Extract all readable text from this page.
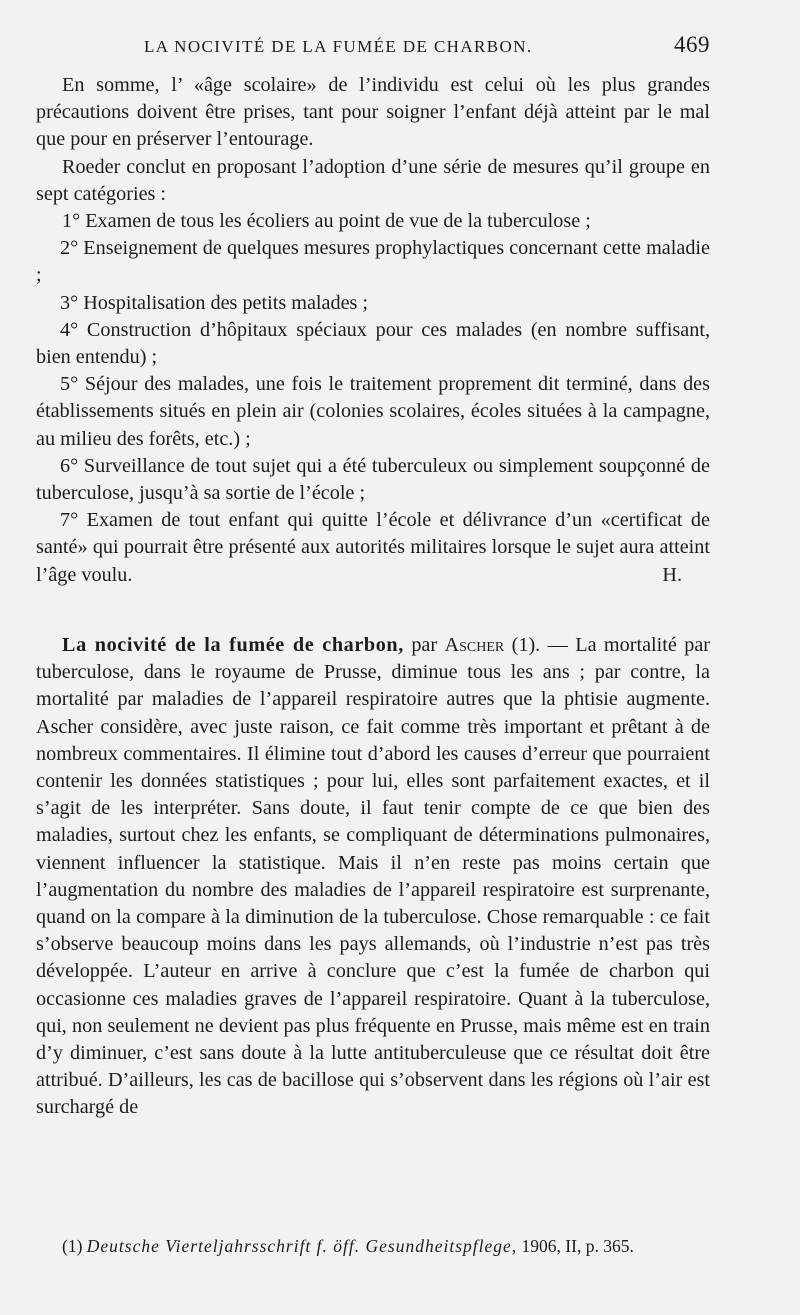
LA NOCIVITÉ DE LA FUMÉE DE CHARBON.	469

En somme, l’ «âge scolaire» de l’individu est celui où les plus grandes précautions doivent être prises, tant pour soigner l’enfant déjà atteint par le mal que pour en préserver l’entourage.

Roeder conclut en proposant l’adoption d’une série de mesures qu’il groupe en sept catégories :

1° Examen de tous les écoliers au point de vue de la tuberculose ;

2° Enseignement de quelques mesures prophylactiques concernant cette maladie ;

3° Hospitalisation des petits malades ;

4° Construction d’hôpitaux spéciaux pour ces malades (en nombre suffisant, bien entendu) ;

5° Séjour des malades, une fois le traitement proprement dit terminé, dans des établissements situés en plein air (colonies scolaires, écoles situées à la campagne, au milieu des forêts, etc.) ;

6° Surveillance de tout sujet qui a été tuberculeux ou simplement soupçonné de tuberculose, jusqu’à sa sortie de l’école ;

7° Examen de tout enfant qui quitte l’école et délivrance d’un «certificat de santé» qui pourrait être présenté aux autorités militaires lorsque le sujet aura atteint l’âge voulu.	H.

La nocivité de la fumée de charbon, par Ascher (1). — La mortalité par tuberculose, dans le royaume de Prusse, diminue tous les ans ; par contre, la mortalité par maladies de l’appareil respiratoire autres que la phtisie augmente. Ascher considère, avec juste raison, ce fait comme très important et prêtant à de nombreux commentaires. Il élimine tout d’abord les causes d’erreur que pourraient contenir les données statistiques ; pour lui, elles sont parfaitement exactes, et il s’agit de les interpréter. Sans doute, il faut tenir compte de ce que bien des maladies, surtout chez les enfants, se compliquant de déterminations pulmonaires, viennent influencer la statistique. Mais il n’en reste pas moins certain que l’augmentation du nombre des maladies de l’appareil respiratoire est surprenante, quand on la compare à la diminution de la tuberculose. Chose remarquable : ce fait s’observe beaucoup moins dans les pays allemands, où l’industrie n’est pas très développée. L’auteur en arrive à conclure que c’est la fumée de charbon qui occasionne ces maladies graves de l’appareil respiratoire. Quant à la tuberculose, qui, non seulement ne devient pas plus fréquente en Prusse, mais même est en train d’y diminuer, c’est sans doute à la lutte antituberculeuse que ce résultat doit être attribué. D’ailleurs, les cas de bacillose qui s’observent dans les régions où l’air est surchargé de

(1) Deutsche Vierteljahrsschrift f. öff. Gesundheitspflege, 1906, II, p. 365.
